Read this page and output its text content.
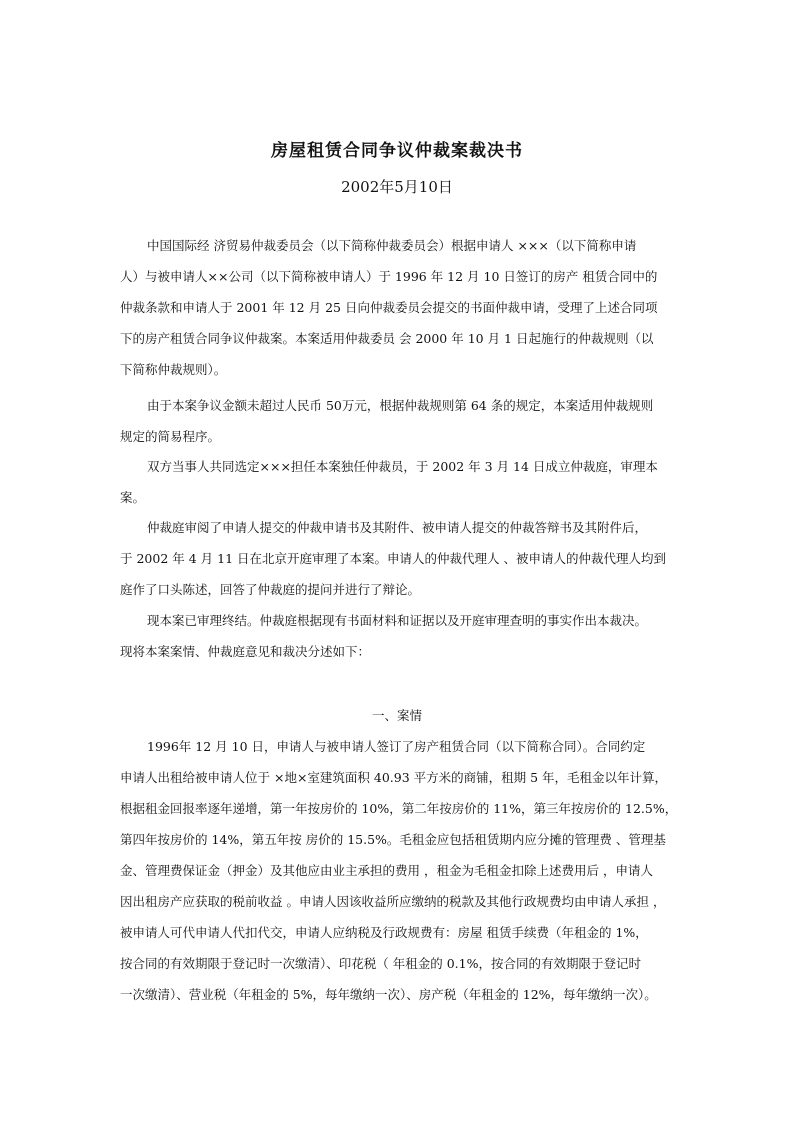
房屋租赁合同争议仲裁案裁决书
2002年5月10日
中国国际经 济贸易仲裁委员会（以下简称仲裁委员会）根据申请人 ×××（以下简称申请
人）与被申请人××公司（以下简称被申请人）于 1996 年 12 月 10 日签订的房产 租赁合同中的
仲裁条款和申请人于 2001 年 12 月 25 日向仲裁委员会提交的书面仲裁申请，受理了上述合同项
下的房产租赁合同争议仲裁案。本案适用仲裁委员 会 2000 年 10 月 1 日起施行的仲裁规则（以
下简称仲裁规则）。
由于本案争议金额未超过人民币 50万元，根据仲裁规则第 64 条的规定，本案适用仲裁规则
规定的简易程序。
双方当事人共同选定×××担任本案独任仲裁员，于 2002 年 3 月 14 日成立仲裁庭，审理本
案。
仲裁庭审阅了申请人提交的仲裁申请书及其附件、被申请人提交的仲裁答辩书及其附件后，
于 2002 年 4 月 11 日在北京开庭审理了本案。申请人的仲裁代理人 、被申请人的仲裁代理人均到
庭作了口头陈述，回答了仲裁庭的提问并进行了辩论。
现本案已审理终结。仲裁庭根据现有书面材料和证据以及开庭审理查明的事实作出本裁决。
现将本案案情、仲裁庭意见和裁决分述如下：
一、案情
1996年 12 月 10 日，申请人与被申请人签订了房产租赁合同（以下简称合同）。合同约定
申请人出租给被申请人位于 ×地×室建筑面积 40.93 平方米的商铺，租期 5 年，毛租金以年计算，
根据租金回报率逐年递增，第一年按房价的 10%，第二年按房价的 11%，第三年按房价的 12.5%，
第四年按房价的 14%，第五年按 房价的 15.5%。毛租金应包括租赁期内应分摊的管理费 、管理基
金、管理费保证金（押金）及其他应由业主承担的费用 ，租金为毛租金扣除上述费用后 ，申请人
因出租房产应获取的税前收益 。申请人因该收益所应缴纳的税款及其他行政规费均由申请人承担 ，
被申请人可代申请人代扣代交，申请人应纳税及行政规费有：房屋 租赁手续费（年租金的 1%，
按合同的有效期限于登记时一次缴清）、印花税（ 年租金的 0.1%，按合同的有效期限于登记时
一次缴清）、营业税（年租金的 5%，每年缴纳一次）、房产税（年租金的 12%，每年缴纳一次）。
